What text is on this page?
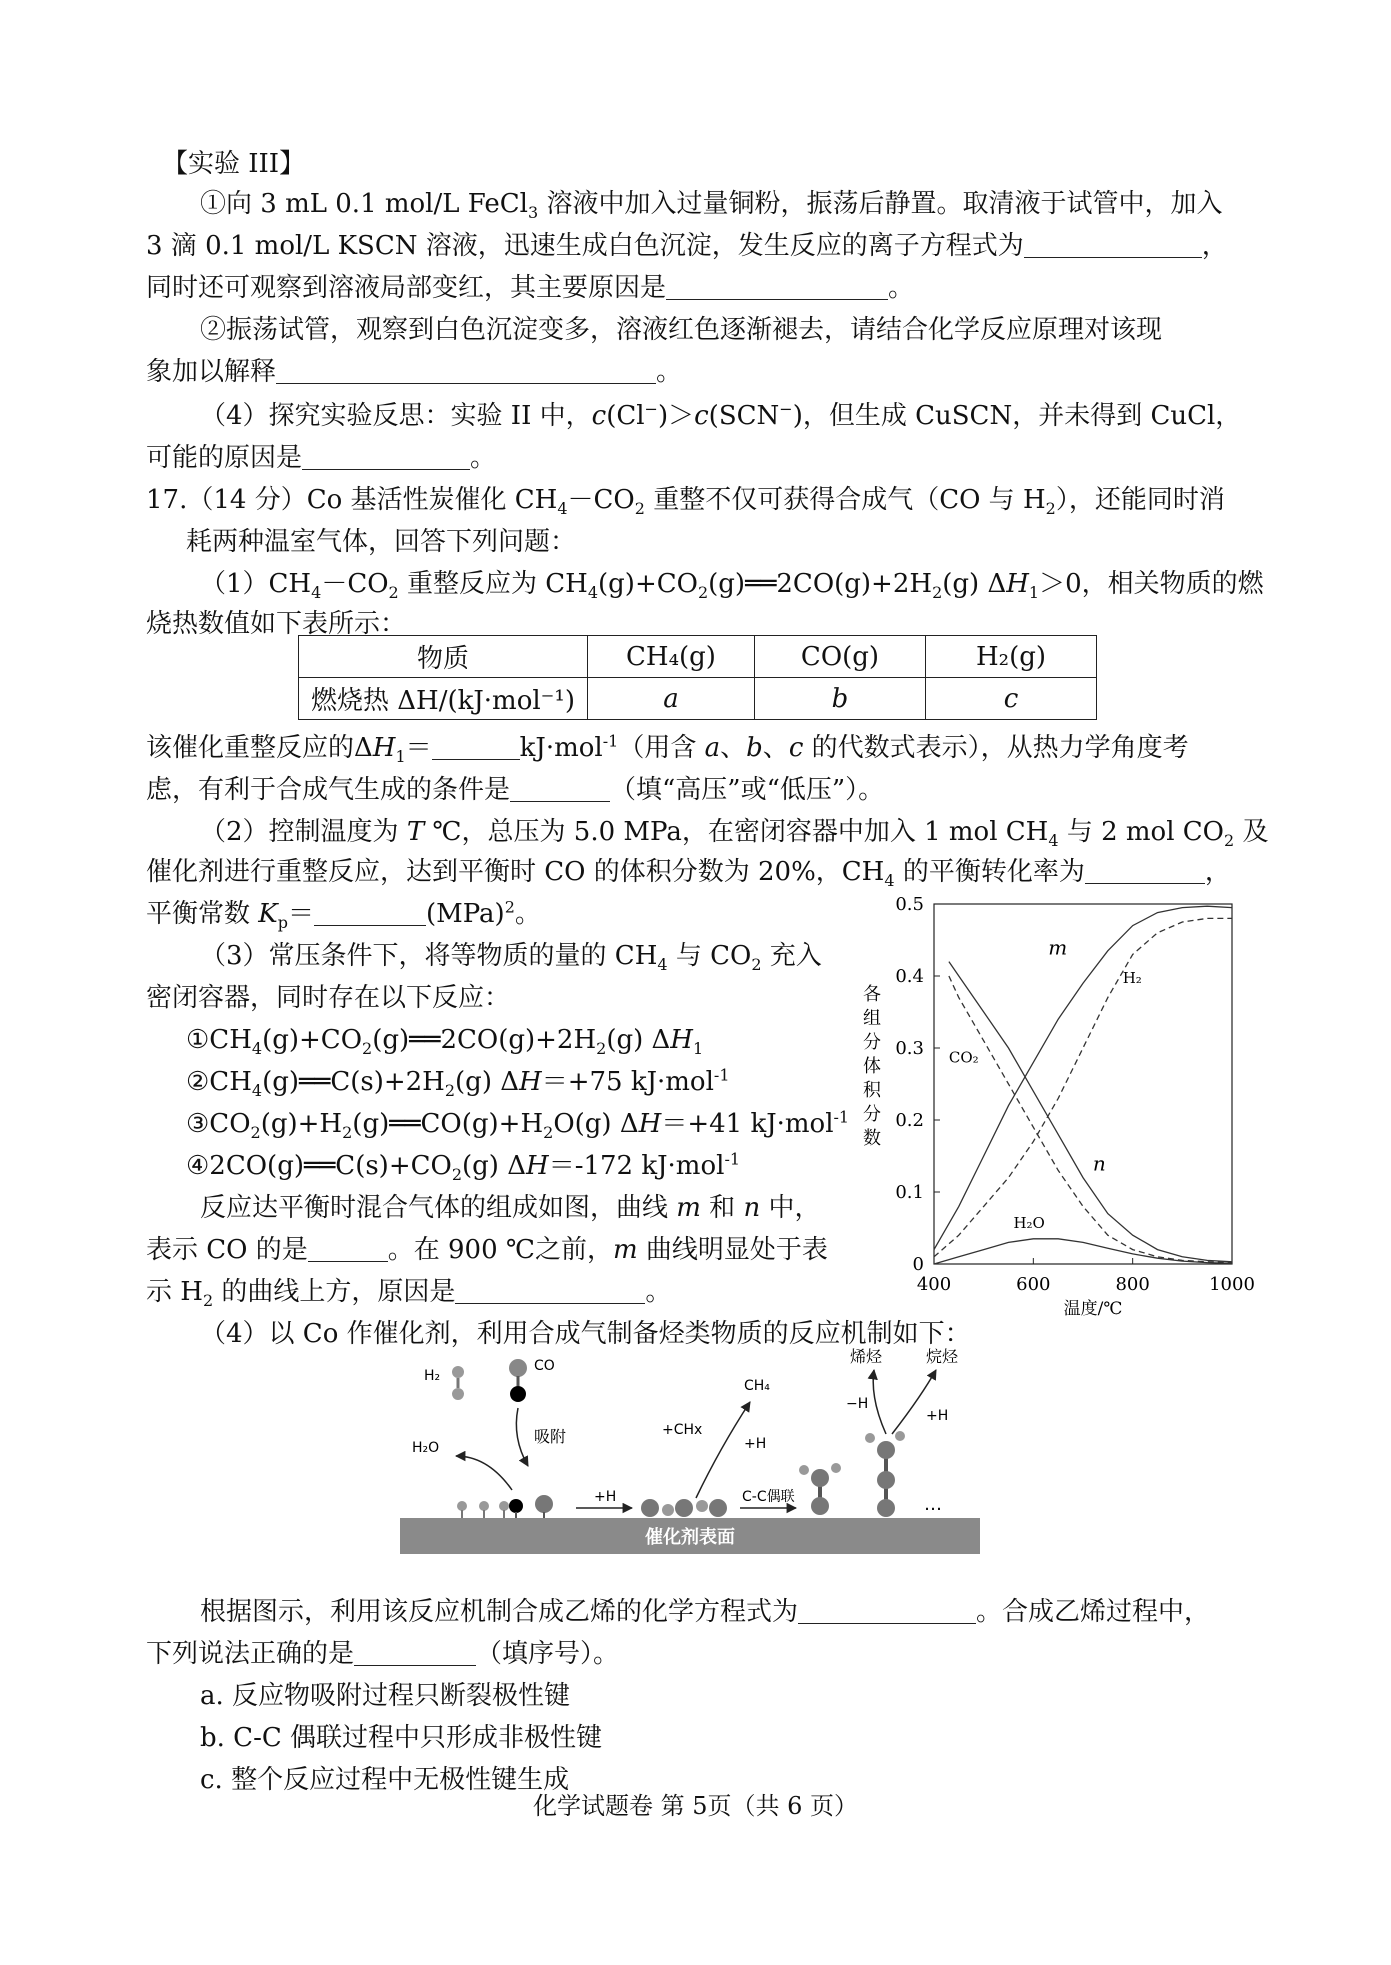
【实验 III】
①向 3 mL 0.1 mol/L FeCl$_3$ 溶液中加入过量铜粉，振荡后静置。取清液于试管中，加入
3 滴 0.1 mol/L KSCN 溶液，迅速生成白色沉淀，发生反应的离子方程式为	，
同时还可观察到溶液局部变红，其主要原因是	。
②振荡试管，观察到白色沉淀变多，溶液红色逐渐褪去，请结合化学反应原理对该现
象加以解释	。
（4）探究实验反思：实验 II 中，c(Cl−)＞c(SCN−)，但生成 CuSCN，并未得到 CuCl，
可能的原因是	。
17.（14 分）Co 基活性炭催化 $CH_4-CO_2$ 重整不仅可获得合成气（CO 与 $H_2$），还能同时消
耗两种温室气体，回答下列问题：
$(1)CH_4-CO_2$ 重整反应为 $CH_4(g)+CO_2(g)══2CO(g)+2H_2(g)$ $\Delta H_1>0$，相关物质的燃
烧热数值如下表所示：
物质	CH₄(g)	CO(g)	H₂(g)
燃烧热 ΔH/(kJ·mol⁻¹)	a	b	c
该催化重整反应的$\Delta H_1=$	kJ·mol$^{-1}$（用含 a、b、c 的代数式表示），从热力学角度考
虑，有利于合成气生成的条件是	（填“高压”或“低压”）。
（2）控制温度为 T ℃，总压为 5.0 MPa，在密闭容器中加入 1 mol $CH_4$ 与 2 mol $CO_2$ 及
催化剂进行重整反应，达到平衡时 CO 的体积分数为 20%，$CH_4$ 的平衡转化率为	，
平衡常数 $K_p=$	(MPa)$^2$。
（3）常压条件下，将等物质的量的 $CH_4$ 与 $CO_2$ 充入
密闭容器，同时存在以下反应：
$①CH_4(g)+CO_2(g)══2CO(g)+2H_2(g)$ $\Delta H_1$
$②CH_4(g)══C(s)+2H_2(g)$ ΔH＝+75 kJ·mol$^{-1}$
$③CO_2(g)+H_2(g)══CO(g)+H_2O(g)$ ΔH＝+41 kJ·mol$^{-1}$
$④2CO(g)══C(s)+CO_2(g)$ ΔH＝-172 kJ·mol$^{-1}$
反应达平衡时混合气体的组成如图，曲线 m 和 n 中，
表示 CO 的是	。在 900 ℃之前，m 曲线明显处于表
示 $H_2$ 的曲线上方，原因是	。
（4）以 Co 作催化剂，利用合成气制备烃类物质的反应机制如下：
根据图示，利用该反应机制合成乙烯的化学方程式为	。合成乙烯过程中，
下列说法正确的是	（填序号）。
a. 反应物吸附过程只断裂极性键
b. C-C 偶联过程中只形成非极性键
c. 整个反应过程中无极性键生成
0
0.1
0.2
0.3
0.4
0.5
400	600	800	1000
温度/℃
各
组
分
体
积
分
数
m
H₂
CO₂
n
H₂O
催化剂表面
H₂
CO
吸附
H₂O
+H
+CHx
CH₄
+H
C-C偶联
烯烃	烷烃
−H
+H
…
化学试题卷 第 5页（共 6 页）
